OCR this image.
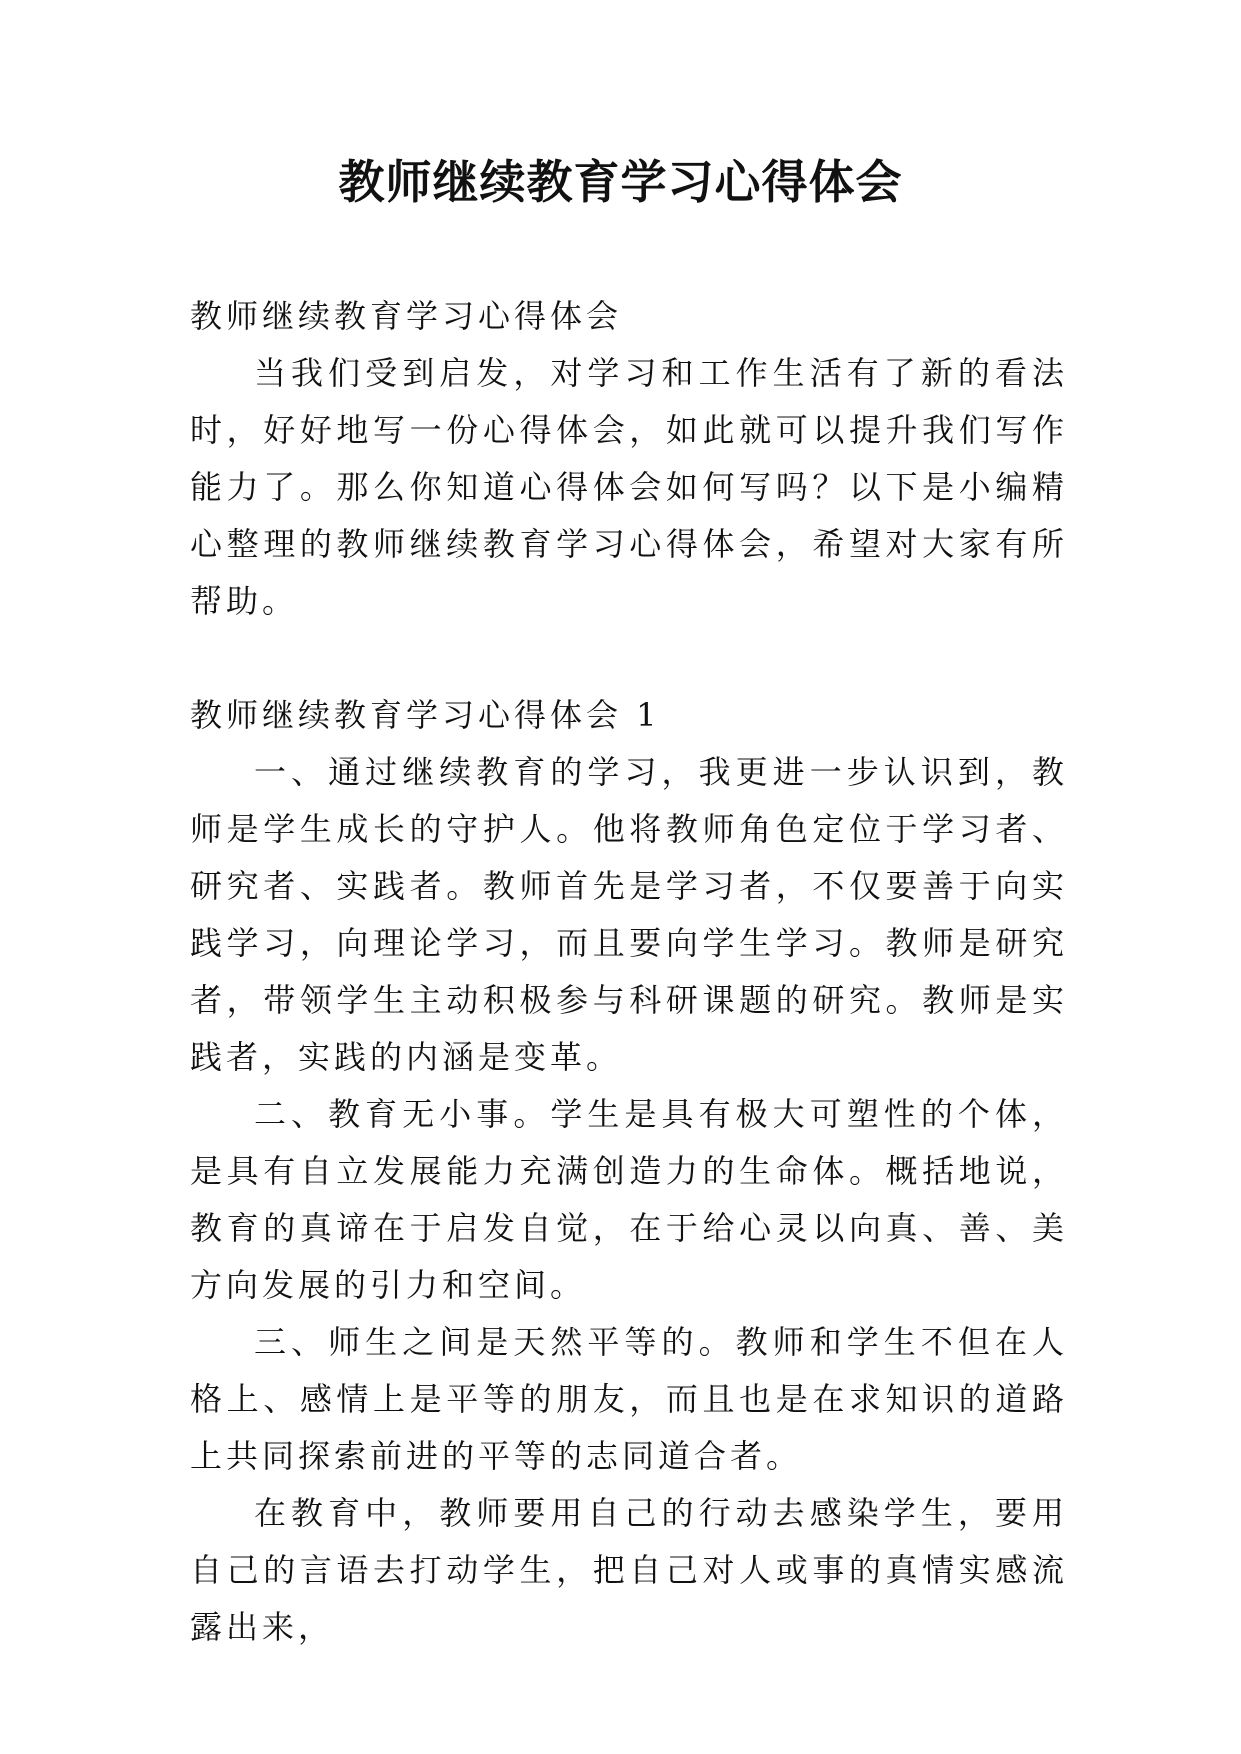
教师继续教育学习心得体会

教师继续教育学习心得体会

当我们受到启发，对学习和工作生活有了新的看法时，好好地写一份心得体会，如此就可以提升我们写作能力了。那么你知道心得体会如何写吗？以下是小编精心整理的教师继续教育学习心得体会，希望对大家有所帮助。

教师继续教育学习心得体会 1

一、通过继续教育的学习，我更进一步认识到，教师是学生成长的守护人。他将教师角色定位于学习者、研究者、实践者。教师首先是学习者，不仅要善于向实践学习，向理论学习，而且要向学生学习。教师是研究者，带领学生主动积极参与科研课题的研究。教师是实践者，实践的内涵是变革。

二、教育无小事。学生是具有极大可塑性的个体，是具有自立发展能力充满创造力的生命体。概括地说，教育的真谛在于启发自觉，在于给心灵以向真、善、美方向发展的引力和空间。

三、师生之间是天然平等的。教师和学生不但在人格上、感情上是平等的朋友，而且也是在求知识的道路上共同探索前进的平等的志同道合者。

在教育中，教师要用自己的行动去感染学生，要用自己的言语去打动学生，把自己对人或事的真情实感流露出来，
